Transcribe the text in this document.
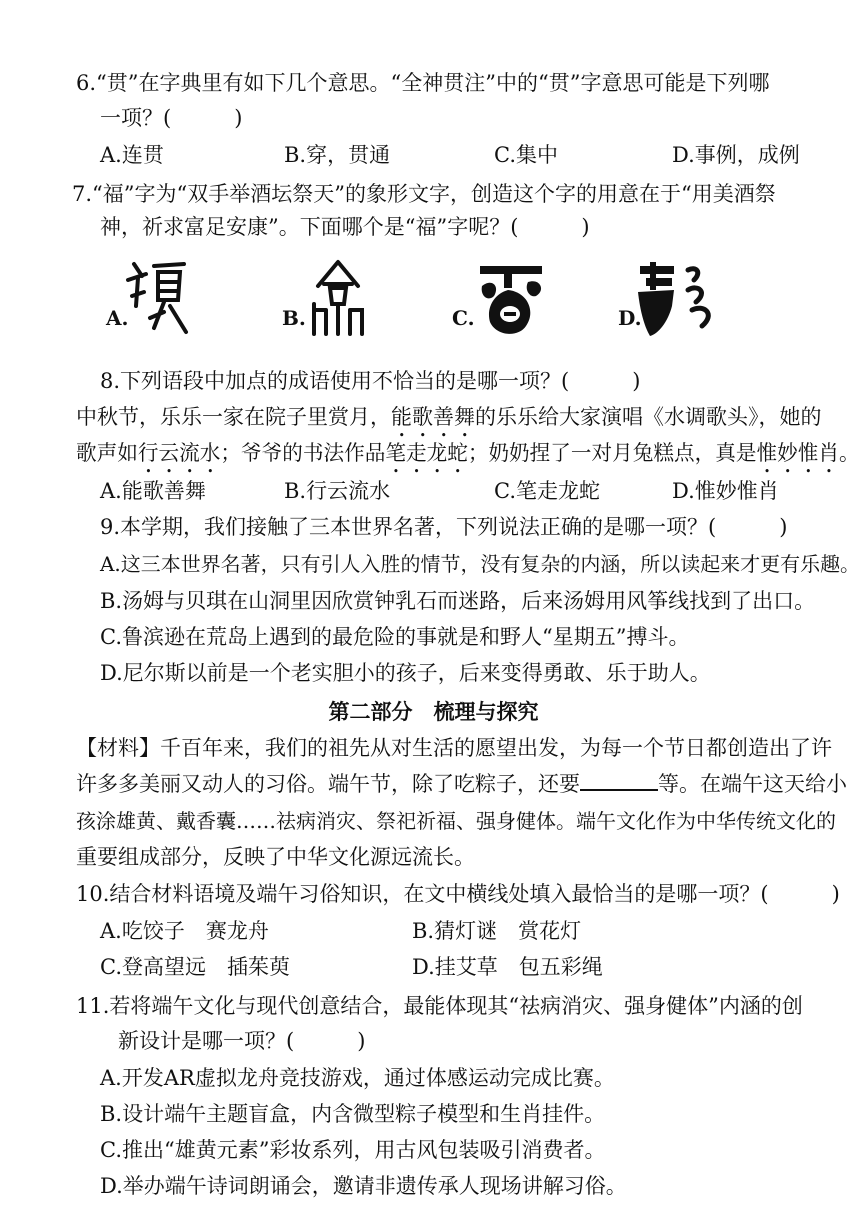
6.“贯”在字典里有如下几个意思。“全神贯注”中的“贯”字意思可能是下列哪
一项？(　　　)
A.连贯	B.穿，贯通	C.集中	D.事例，成例
7.“福”字为“双手举酒坛祭天”的象形文字，创造这个字的用意在于“用美酒祭
神，祈求富足安康”。下面哪个是“福”字呢？(　　　)
A.	B.	C.	D.
8.下列语段中加点的成语使用不恰当的是哪一项？(　　　)
中秋节，乐乐一家在院子里赏月，能歌善舞的乐乐给大家演唱《水调歌头》，她的
歌声如行云流水；爷爷的书法作品笔走龙蛇；奶奶捏了一对月兔糕点，真是惟妙惟肖。
A.能歌善舞	B.行云流水	C.笔走龙蛇	D.惟妙惟肖
9.本学期，我们接触了三本世界名著，下列说法正确的是哪一项？(　　　)
A.这三本世界名著，只有引人入胜的情节，没有复杂的内涵，所以读起来才更有乐趣。
B.汤姆与贝琪在山洞里因欣赏钟乳石而迷路，后来汤姆用风筝线找到了出口。
C.鲁滨逊在荒岛上遇到的最危险的事就是和野人“星期五”搏斗。
D.尼尔斯以前是一个老实胆小的孩子，后来变得勇敢、乐于助人。
第二部分　梳理与探究
【材料】千百年来，我们的祖先从对生活的愿望出发，为每一个节日都创造出了许
许多多美丽又动人的习俗。端午节，除了吃粽子，还要	等。在端午这天给小
孩涂雄黄、戴香囊……祛病消灾、祭祀祈福、强身健体。端午文化作为中华传统文化的
重要组成部分，反映了中华文化源远流长。
10.结合材料语境及端午习俗知识，在文中横线处填入最恰当的是哪一项？(　　　)
A.吃饺子　赛龙舟	B.猜灯谜　赏花灯
C.登高望远　插茱萸	D.挂艾草　包五彩绳
11.若将端午文化与现代创意结合，最能体现其“祛病消灾、强身健体”内涵的创
新设计是哪一项？(　　　)
A.开发AR虚拟龙舟竞技游戏，通过体感运动完成比赛。
B.设计端午主题盲盒，内含微型粽子模型和生肖挂件。
C.推出“雄黄元素”彩妆系列，用古风包装吸引消费者。
D.举办端午诗词朗诵会，邀请非遗传承人现场讲解习俗。
